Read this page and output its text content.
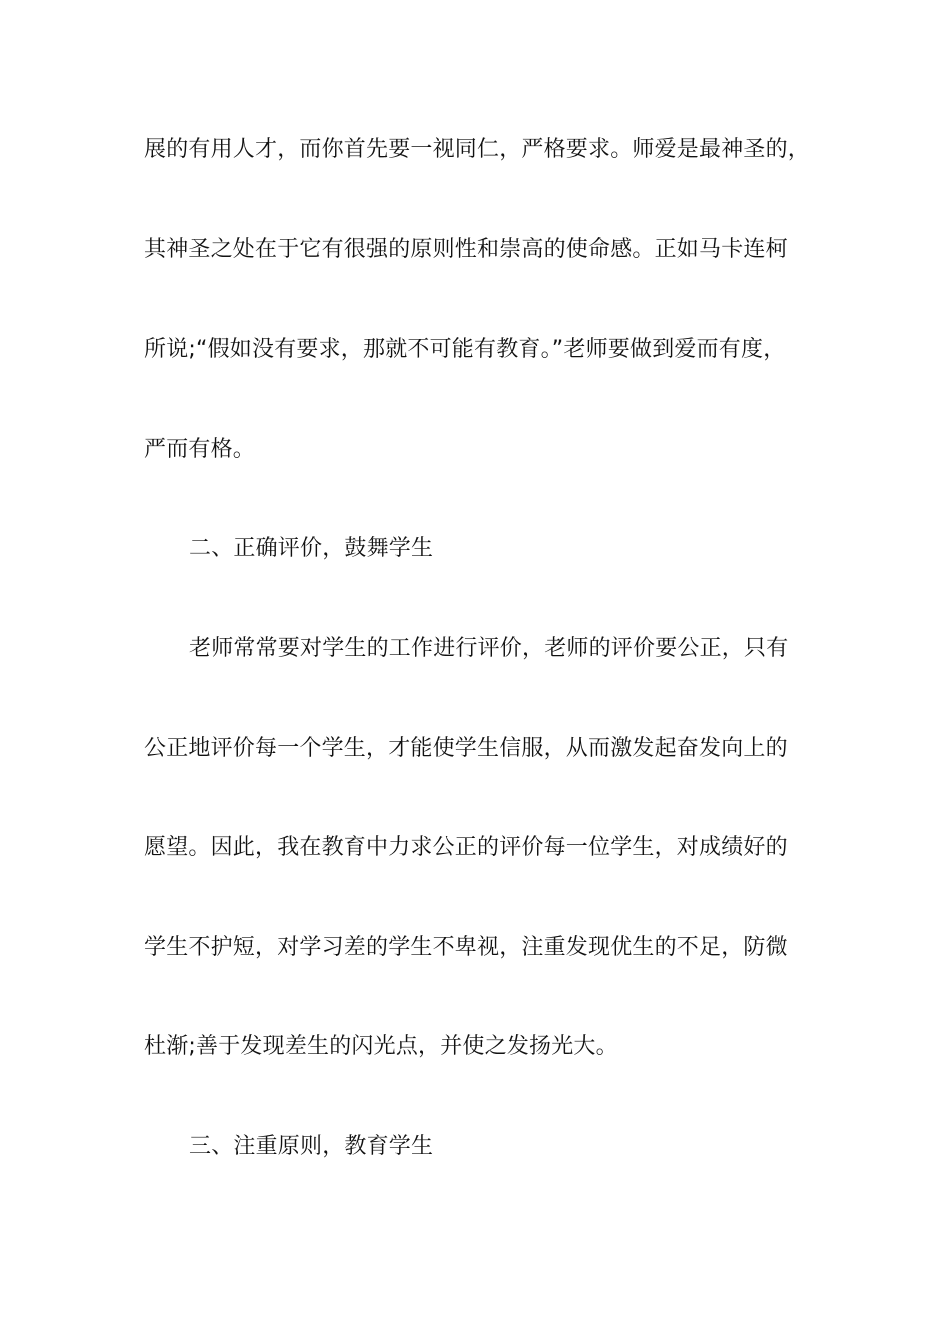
展的有用人才，而你首先要一视同仁，严格要求。师爱是最神圣的，
其神圣之处在于它有很强的原则性和崇高的使命感。正如马卡连柯
所说;“假如没有要求，那就不可能有教育。”老师要做到爱而有度，
严而有格。
二、正确评价，鼓舞学生
老师常常要对学生的工作进行评价，老师的评价要公正，只有
公正地评价每一个学生，才能使学生信服，从而激发起奋发向上的
愿望。因此，我在教育中力求公正的评价每一位学生，对成绩好的
学生不护短，对学习差的学生不卑视，注重发现优生的不足，防微
杜渐;善于发现差生的闪光点，并使之发扬光大。
三、注重原则，教育学生
